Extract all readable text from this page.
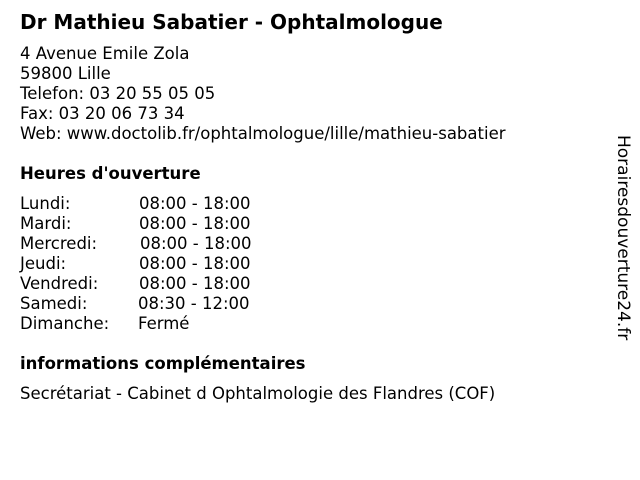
Dr Mathieu Sabatier - Ophtalmologue
4 Avenue Emile Zola
59800 Lille
Telefon: 03 20 55 05 05
Fax: 03 20 06 73 34
Web: www.doctolib.fr/ophtalmologue/lille/mathieu-sabatier
Heures d'ouverture
Lundi:	08:00 - 18:00
Mardi:	08:00 - 18:00
Mercredi:	08:00 - 18:00
Jeudi:	08:00 - 18:00
Vendredi: 08:00 - 18:00
Samedi:	08:30 - 12:00
Dimanche: Fermé
informations complémentaires
Secrétariat - Cabinet d Ophtalmologie des Flandres (COF)
Horairesdouverture24.fr
